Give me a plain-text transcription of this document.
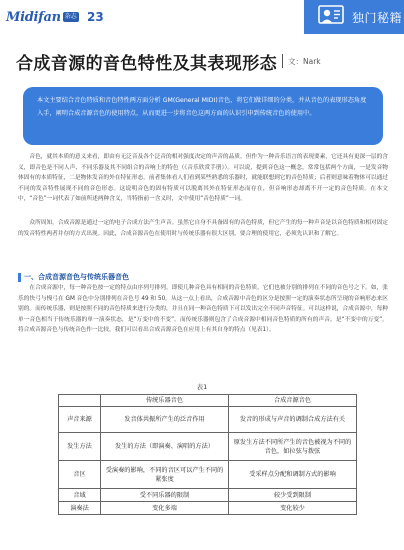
Midifan 杂志 23	独门秘籍
合成音源的音色特性及其表现形态 文：Nark
本文主要结合音色特质和音色特性两方面分析 GM(General MIDI)音色，将它们做详细的分类，并从音色的表现形态角度入手，阐明合成音源音色的使用特点，从而更进一步将音色这两方面的认识引申到传统音色的使用中。

音色，就其本质的意义来看，即由有无泛音及各个泛音的相对强度决定的声音的品质。但作为一种音乐语言的表现要素，它还具有更深一层的含义，即音色是不同人声、不同乐器及其不同组合的音响上的特色（《音乐欣赏手册》）。可以说，提到音色这一概念，常常包括两个方面，一是发音物体固有的本质特征，二是物体发音的外在特征形态。前者集体看人们看到某些熟悉的乐器时，就能联想到它的音色特质；后者则意味着物体可以通过不同的发音特性展现不同的音色形态。这说明音色的固有特质可以脱离其外在特征形态而存在，但音响形态却离不开一定的音色特质。在本文中，“音色”一词代表了如前所述两种含义，当特指前一含义时，文中使用“音色特质”一词。

众所周知，合成音源是通过一定的电子合成方法产生声音。虽然它自身不具备固有的音色特质，但它产生的每一种声音是以音色特质和相对固定的发音特性两者并存的方式出现。因此，合成音源音色在使用时与传统乐器有很大区别，要合理的使用它，必须先认识和了解它。

一、合成音源音色与传统乐器音色

在合成音源中，每一种音色按一定的特点由序列号排列。即使几种音色具有相同的音色特质，它们也被分别的排列在不同的音色号之下。如，张乐的快弓与慢弓在 GM 音色中分别排列在音色号 49 和 50。从这一点上看出，合成音源中音色的区分是按照一定的演奏状态所呈现的音响形态来区别的。而传统乐器，则是按照不同的音色特质来进行分类的，并且在同一种音色特质下可以发出完全不同声音特征。可以这样说，合成音源中，每种单一音色相当于传统乐器的单一演奏状态，是“万变中的不变”。而传统乐器则包含了合成音源中相同音色特质的所有的声音，是“不变中的万变”。将合成音源音色与传统音色作一比较，我们可以看出合成音源音色在应用上有其自身的特点（见表1）。

表1
	传统乐器音色	合成音源音色
声音来源	发音体共振所产生的泛音作用	发音的形成与声音的调制合成方法有关
发生方法	发生的方法（即演奏、演唱的方法）	原发生方法不同所产生的音色被视为不同的音色，如拉弦与拨弦
音区	受演奏的影响，不同的音区可以产生不同的紧张度	受采样点分配和调制方式的影响
音域	受不同乐器的限制	较少受到限制
演奏法	变化多端	变化较少
